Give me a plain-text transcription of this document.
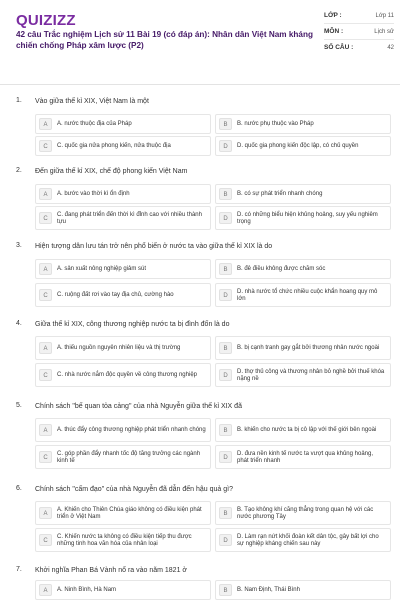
QUIZIZZ
42 câu Trắc nghiệm Lịch sử 11 Bài 19 (có đáp án): Nhân dân Việt Nam kháng chiến chống Pháp xâm lược (P2)
LỚP :	Lớp 11
MÔN :	Lịch sử
SỐ CÂU :	42
1. Vào giữa thế kỉ XIX, Việt Nam là một
A	A. nước thuộc địa của Pháp	B	B. nước phụ thuộc vào Pháp
C	C. quốc gia nửa phong kiến, nửa thuộc địa	D	D. quốc gia phong kiến độc lập, có chủ quyền
2. Đến giữa thế kỉ XIX, chế độ phong kiến Việt Nam
A	A. bước vào thời kì ổn định	B	B. có sự phát triển nhanh chóng
C
C. đang phát triển đến thời kì đỉnh cao với nhiều thành tựu	D
D. có những biểu hiện khủng hoảng, suy yếu nghiêm trọng
3. Hiện tượng dân lưu tán trở nên phổ biến ở nước ta vào giữa thế kỉ XIX là do
A	A. sản xuất nông nghiệp giảm sút	B	B. đê điều không được chăm sóc
C	C. ruộng đất rơi vào tay địa chủ, cường hào	D
D. nhà nước tổ chức nhiều cuộc khẩn hoang quy mô lớn
4. Giữa thế kỉ XIX, công thương nghiệp nước ta bị đình đốn là do
A	A. thiếu nguồn nguyên nhiên liệu và thị trường	B	B. bị cạnh tranh gay gắt bởi thương nhân nước ngoài
C	C. nhà nước nắm độc quyền về công thương nghiệp	D
D. thợ thủ công và thương nhân bỏ nghề bởi thuế khóa nặng nề
5. Chính sách "bế quan tỏa cảng" của nhà Nguyễn giữa thế kỉ XIX đã
A	A. thúc đẩy công thương nghiệp phát triển nhanh chóng	B	B. khiến cho nước ta bị cô lập với thế giới bên ngoài
C
C. góp phần đẩy nhanh tốc độ tăng trưởng các ngành kinh tế	D
D. đưa nền kinh tế nước ta vượt qua khủng hoảng, phát triển nhanh
6. Chính sách "cấm đạo" của nhà Nguyễn đã dẫn đến hậu quả gì?
A
A. Khiến cho Thiên Chúa giáo không có điều kiện phát triển ở Việt Nam	B
B. Tạo không khí căng thẳng trong quan hệ với các nước phương Tây
C
C. Khiến nước ta không có điều kiện tiếp thu được những tinh hoa văn hóa của nhân loại	D
D. Làm rạn nứt khối đoàn kết dân tộc, gây bất lợi cho sự nghiệp kháng chiến sau này
7. Khởi nghĩa Phan Bá Vành nổ ra vào năm 1821 ở
A	A. Ninh Bình, Hà Nam	B	B. Nam Định, Thái Bình
